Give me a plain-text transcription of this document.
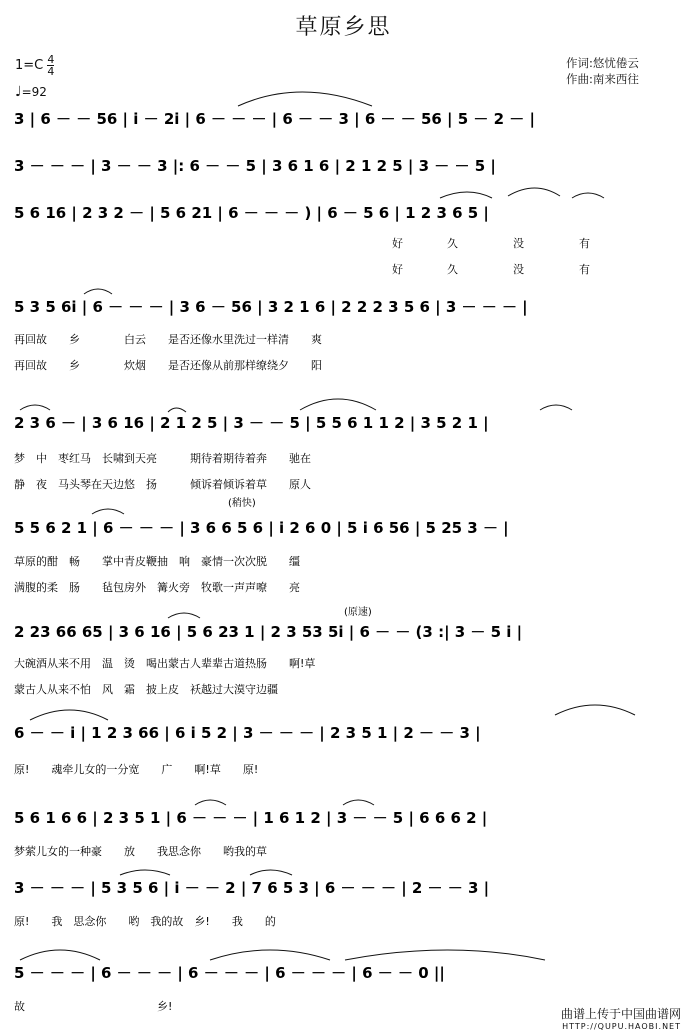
草原乡思
$1=C \frac{4}{4}$
♩=92
作词:悠忧倦云
作曲:南来西往
3 | 6 － － 56 | i － 2i | 6 － － － | 6 － － 3 | 6 － － 56 | 5 － 2 － |
3 － － － | 3 － － 3 |: 6 － － 5 | 3 6 1 6 | 2 1 2 5 | 3 － － 5 |
5 6 16 | 2 3 2 － | 5 6 21 | 6 － － － ) | 6 － 5 6 | 1 2 3 6 5 |
5 3 5 6i | 6 － － － | 3 6 － 56 | 3 2 1 6 | 2 2 2 3 5 6 | 3 － － － |
2 3 6 － | 3 6 16 | 2 1 2 5 | 3 － － 5 | 5 5 6 1 1 2 | 3 5 2 1 |
5 5 6 2 1 | 6 － － － | 3 6 6 5 6 | i 2 6 0 | 5 i 6 56 | 5 25 3 － |
2 23 66 65 | 3 6 16 | 5 6 23 1 | 2 3 53 5i | 6 － － (3 :| 3 － 5 i |
6 － － i | 1 2 3 66 | 6 i 5 2 | 3 － － － | 2 3 5 1 | 2 － － 3 |
5 6 1 6 6 | 2 3 5 1 | 6 － － － | 1 6 1 2 | 3 － － 5 | 6 6 6 2 |
3 － － － | 5 3 5 6 | i － － 2 | 7 6 5 3 | 6 － － － | 2 － － 3 |
5 － － － | 6 － － － | 6 － － － | 6 － － － | 6 － － 0 ||
好　　　　久　　　　　没　　　　　有
好　　　　久　　　　　没　　　　　有
再回故　　乡　　　　白云　　是否还像水里洗过一样清　　爽
再回故　　乡　　　　炊烟　　是否还像从前那样缭绕夕　　阳
梦　中　枣红马　长啸到天亮　　　期待着期待着奔　　驰在
静　夜　马头琴在天边悠　扬　　　倾诉着倾诉着草　　原人
草原的酣　畅　　掌中青皮鞭抽　响　豪情一次次脱　　缰
满腹的柔　肠　　毡包房外　篝火旁　牧歌一声声嘹　　亮
大碗酒从来不用　温　烫　喝出蒙古人辈辈古道热肠　　啊!草
蒙古人从来不怕　风　霜　披上皮　袄越过大漠守边疆
原!　　魂牵儿女的一分宽　　广　　啊!草　　原!
梦萦儿女的一种豪　　放　　我思念你　　哟我的草
原!　　我　思念你　　哟　我的故　乡!　　我　　的
故　　　　　　　　　　　　乡!
(稍快)
(原速)
曲谱上传于中国曲谱网
HTTP://QUPU.HAOBI.NET
